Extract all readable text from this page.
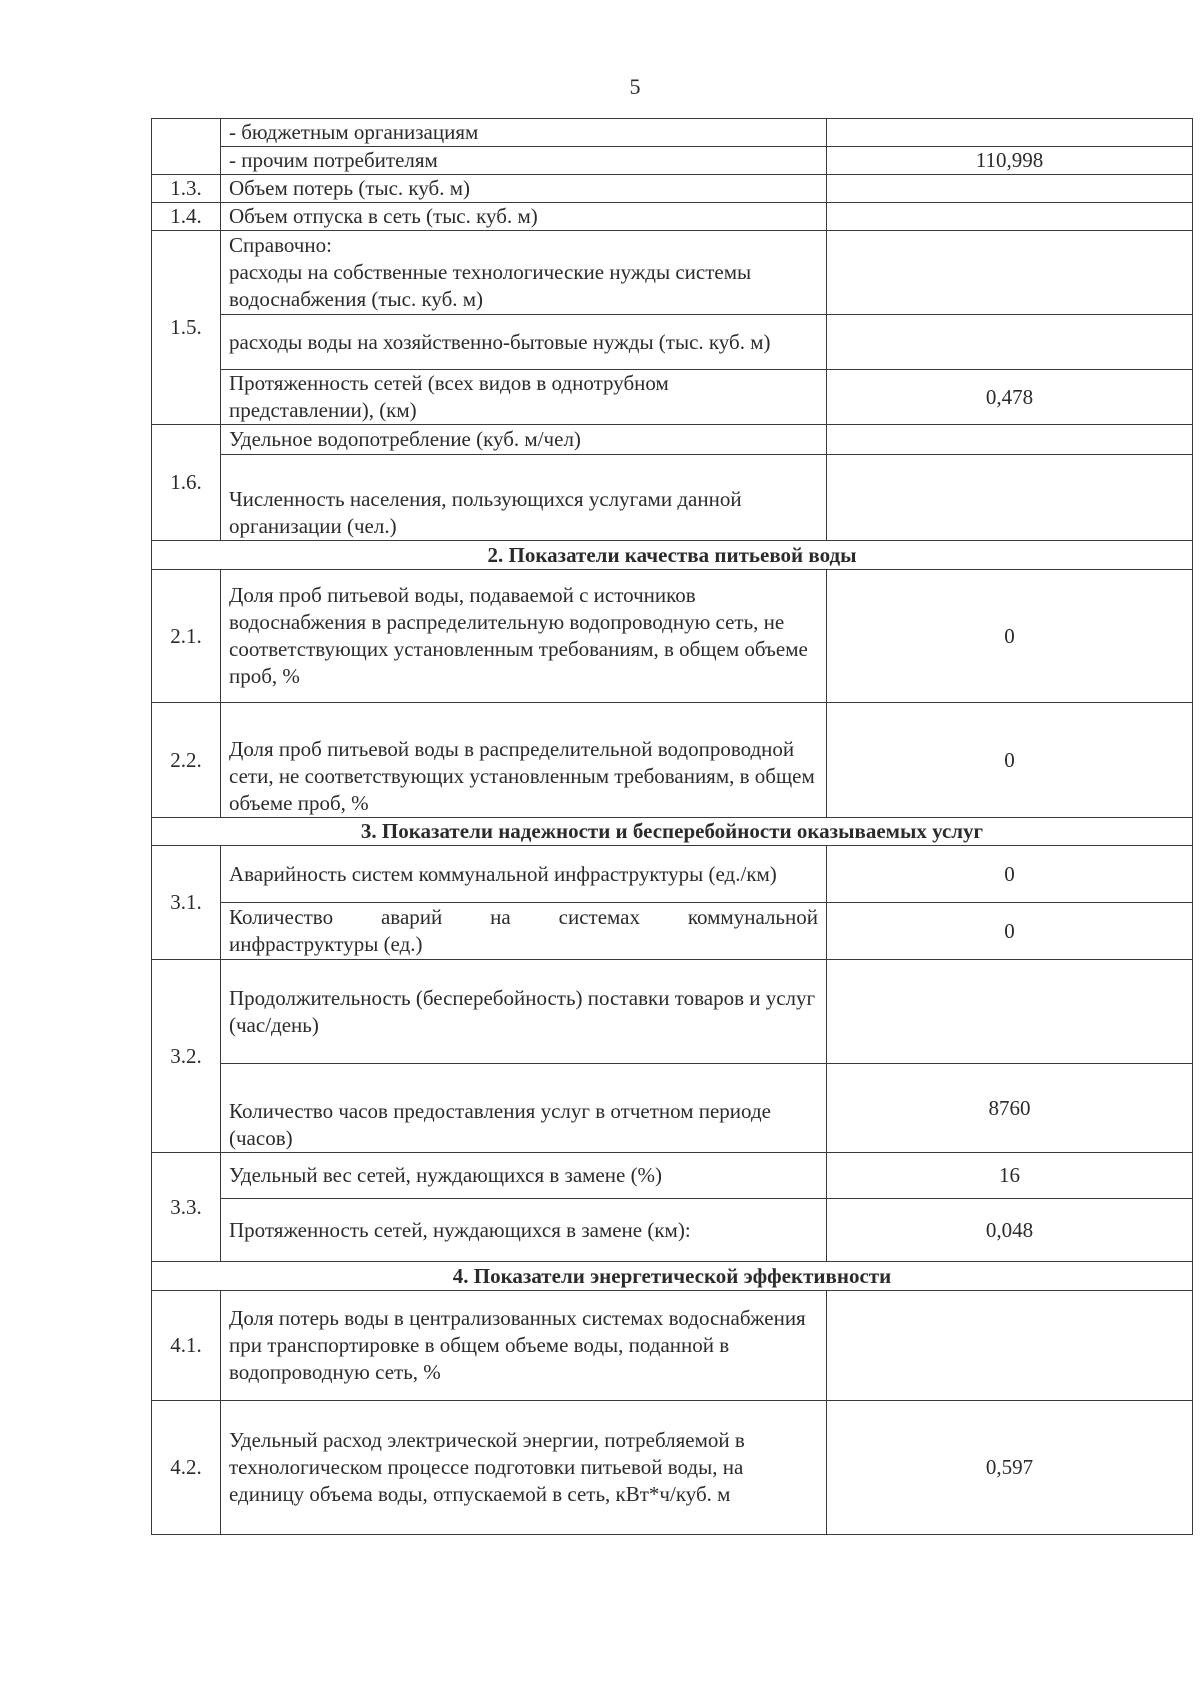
5
	- бюджетным организациям	
	- прочим потребителям	110,998
1.3.	Объем потерь (тыс. куб. м)	
1.4.	Объем отпуска в сеть (тыс. куб. м)	
1.5.	Справочно:
расходы на собственные технологические нужды системы водоснабжения (тыс. куб. м)	
	расходы воды на хозяйственно-бытовые нужды (тыс. куб. м)	
	Протяженность сетей (всех видов в однотрубном представлении), (км)	0,478
1.6.	Удельное водопотребление (куб. м/чел)	
	Численность населения, пользующихся услугами данной организации (чел.)	
2. Показатели качества питьевой воды		
2.1.	Доля проб питьевой воды, подаваемой с источников водоснабжения в распределительную водопроводную сеть, не соответствующих установленным требованиям, в общем объеме проб, %	0
2.2.	Доля проб питьевой воды в распределительной водопроводной сети, не соответствующих установленным требованиям, в общем объеме проб, %	0
3. Показатели надежности и бесперебойности оказываемых услуг		
3.1.	Аварийность систем коммунальной инфраструктуры (ед./км)	0

	Количество аварий на системах коммунальной
инфраструктуры (ед.)	0
3.2.	Продолжительность (бесперебойность) поставки товаров и услуг (час/день)	
	Количество часов предоставления услуг в отчетном периоде (часов)	8760
3.3.	Удельный вес сетей, нуждающихся в замене (%)	16
	Протяженность сетей, нуждающихся в замене (км):	0,048
4. Показатели энергетической эффективности		
4.1.	Доля потерь воды в централизованных системах водоснабжения при транспортировке в общем объеме воды, поданной в водопроводную сеть, %	
4.2.	Удельный расход электрической энергии, потребляемой в технологическом процессе подготовки питьевой воды, на единицу объема воды, отпускаемой в сеть, кВт*ч/куб. м	0,597
